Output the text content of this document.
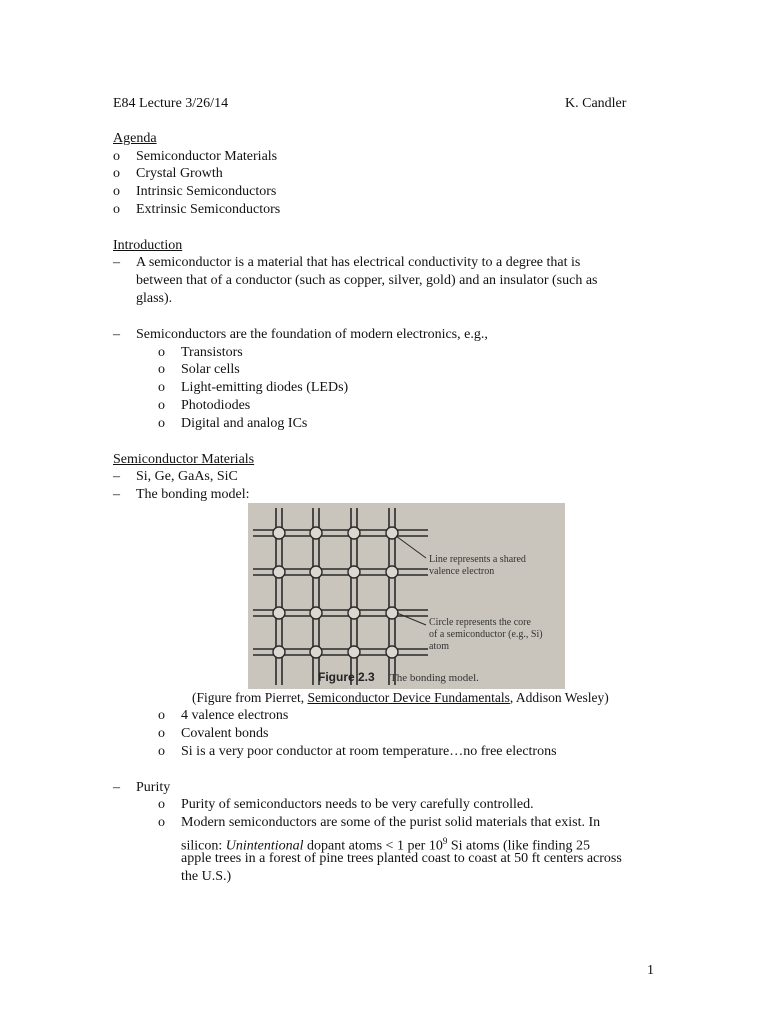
E84 Lecture 3/26/14	K. Candler
Agenda
o Semiconductor Materials
o Crystal Growth
o Intrinsic Semiconductors
o Extrinsic Semiconductors
Introduction
– A semiconductor is a material that has electrical conductivity to a degree that is
between that of a conductor (such as copper, silver, gold) and an insulator (such as
glass).
– Semiconductors are the foundation of modern electronics, e.g.,
o Transistors
o Solar cells
o Light-emitting diodes (LEDs)
o Photodiodes
o Digital and analog ICs
Semiconductor Materials
– Si, Ge, GaAs, SiC
– The bonding model:
Line represents a shared
valence electron
Circle represents the core
of a semiconductor (e.g., Si)
atom
Figure 2.3 The bonding model.
(Figure from Pierret, Semiconductor Device Fundamentals, Addison Wesley)
o 4 valence electrons
o Covalent bonds
o Si is a very poor conductor at room temperature…no free electrons
– Purity
o Purity of semiconductors needs to be very carefully controlled.
o Modern semiconductors are some of the purist solid materials that exist. In
silicon: Unintentional dopant atoms < 1 per $10^9$ Si atoms (like finding 25
apple trees in a forest of pine trees planted coast to coast at 50 ft centers across
the U.S.)
1
